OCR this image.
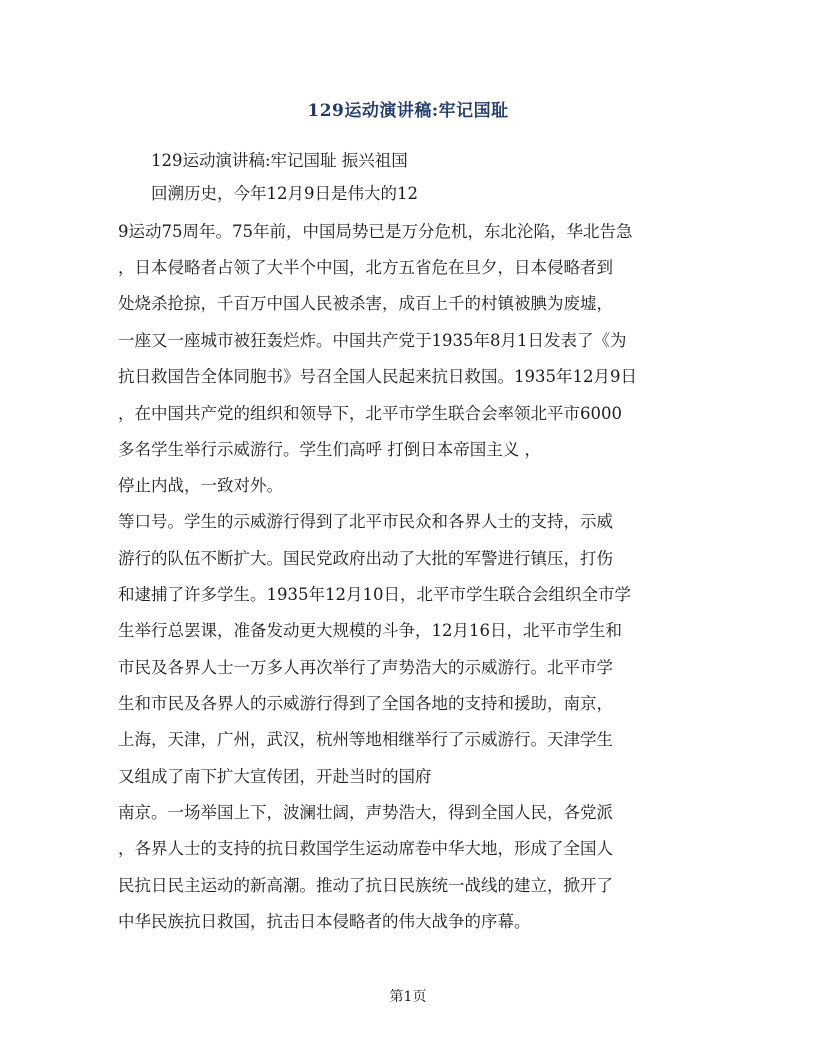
129运动演讲稿:牢记国耻
　　129运动演讲稿:牢记国耻 振兴祖国
　　回溯历史，今年12月9日是伟大的12
9运动75周年。75年前，中国局势已是万分危机，东北沦陷，华北告急
，日本侵略者占领了大半个中国，北方五省危在旦夕，日本侵略者到
处烧杀抢掠，千百万中国人民被杀害，成百上千的村镇被腆为废墟，
一座又一座城市被狂轰烂炸。中国共产党于1935年8月1日发表了《为
抗日救国告全体同胞书》号召全国人民起来抗日救国。1935年12月9日
，在中国共产党的组织和领导下，北平市学生联合会率领北平市6000
多名学生举行示威游行。学生们高呼 打倒日本帝国主义 ，
停止内战，一致对外。
等口号。学生的示威游行得到了北平市民众和各界人士的支持，示威
游行的队伍不断扩大。国民党政府出动了大批的军警进行镇压，打伤
和逮捕了许多学生。1935年12月10日，北平市学生联合会组织全市学
生举行总罢课，准备发动更大规模的斗争，12月16日，北平市学生和
市民及各界人士一万多人再次举行了声势浩大的示威游行。北平市学
生和市民及各界人的示威游行得到了全国各地的支持和援助，南京，
上海，天津，广州，武汉，杭州等地相继举行了示威游行。天津学生
又组成了南下扩大宣传团，开赴当时的国府
南京。一场举国上下，波澜壮阔，声势浩大，得到全国人民，各党派
，各界人士的支持的抗日救国学生运动席卷中华大地，形成了全国人
民抗日民主运动的新高潮。推动了抗日民族统一战线的建立，掀开了
中华民族抗日救国，抗击日本侵略者的伟大战争的序幕。
第1页
